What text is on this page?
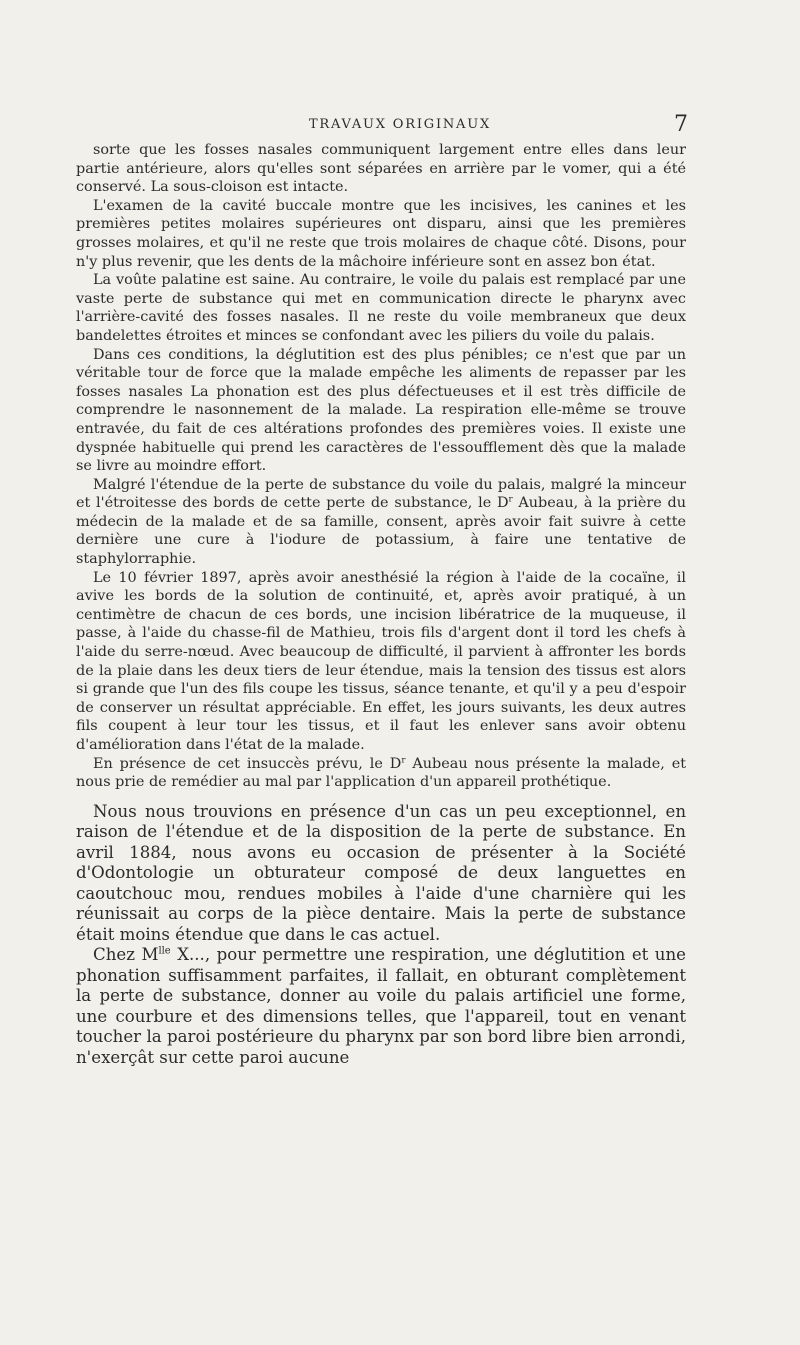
TRAVAUX ORIGINAUX	7

sorte que les fosses nasales communiquent largement entre elles dans leur partie antérieure, alors qu'elles sont séparées en arrière par le vomer, qui a été conservé. La sous-cloison est intacte.

L'examen de la cavité buccale montre que les incisives, les canines et les premières petites molaires supérieures ont disparu, ainsi que les premières grosses molaires, et qu'il ne reste que trois molaires de chaque côté. Disons, pour n'y plus revenir, que les dents de la mâchoire inférieure sont en assez bon état.

La voûte palatine est saine. Au contraire, le voile du palais est remplacé par une vaste perte de substance qui met en communication directe le pharynx avec l'arrière-cavité des fosses nasales. Il ne reste du voile membraneux que deux bandelettes étroites et minces se confondant avec les piliers du voile du palais.

Dans ces conditions, la déglutition est des plus pénibles; ce n'est que par un véritable tour de force que la malade empêche les aliments de repasser par les fosses nasales La phonation est des plus défectueuses et il est très difficile de comprendre le nasonnement de la malade. La respiration elle-même se trouve entravée, du fait de ces altérations profondes des premières voies. Il existe une dyspnée habituelle qui prend les caractères de l'essoufflement dès que la malade se livre au moindre effort.

Malgré l'étendue de la perte de substance du voile du palais, malgré la minceur et l'étroitesse des bords de cette perte de substance, le $D^r$ Aubeau, à la prière du médecin de la malade et de sa famille, consent, après avoir fait suivre à cette dernière une cure à l'iodure de potassium, à faire une tentative de staphylorraphie.

Le 10 février 1897, après avoir anesthésié la région à l'aide de la cocaïne, il avive les bords de la solution de continuité, et, après avoir pratiqué, à un centimètre de chacun de ces bords, une incision libératrice de la muqueuse, il passe, à l'aide du chasse-fil de Mathieu, trois fils d'argent dont il tord les chefs à l'aide du serre-nœud. Avec beaucoup de difficulté, il parvient à affronter les bords de la plaie dans les deux tiers de leur étendue, mais la tension des tissus est alors si grande que l'un des fils coupe les tissus, séance tenante, et qu'il y a peu d'espoir de conserver un résultat appréciable. En effet, les jours suivants, les deux autres fils coupent à leur tour les tissus, et il faut les enlever sans avoir obtenu d'amélioration dans l'état de la malade.

En présence de cet insuccès prévu, le $D^r$ Aubeau nous présente la malade, et nous prie de remédier au mal par l'application d'un appareil prothétique.

Nous nous trouvions en présence d'un cas un peu exceptionnel, en raison de l'étendue et de la disposition de la perte de substance. En avril 1884, nous avons eu occasion de présenter à la Société d'Odontologie un obturateur composé de deux languettes en caoutchouc mou, rendues mobiles à l'aide d'une charnière qui les réunissait au corps de la pièce dentaire. Mais la perte de substance était moins étendue que dans le cas actuel.

Chez $M^{lle}$ X..., pour permettre une respiration, une déglutition et une phonation suffisamment parfaites, il fallait, en obturant complètement la perte de substance, donner au voile du palais artificiel une forme, une courbure et des dimensions telles, que l'appareil, tout en venant toucher la paroi postérieure du pharynx par son bord libre bien arrondi, n'exerçât sur cette paroi aucune
